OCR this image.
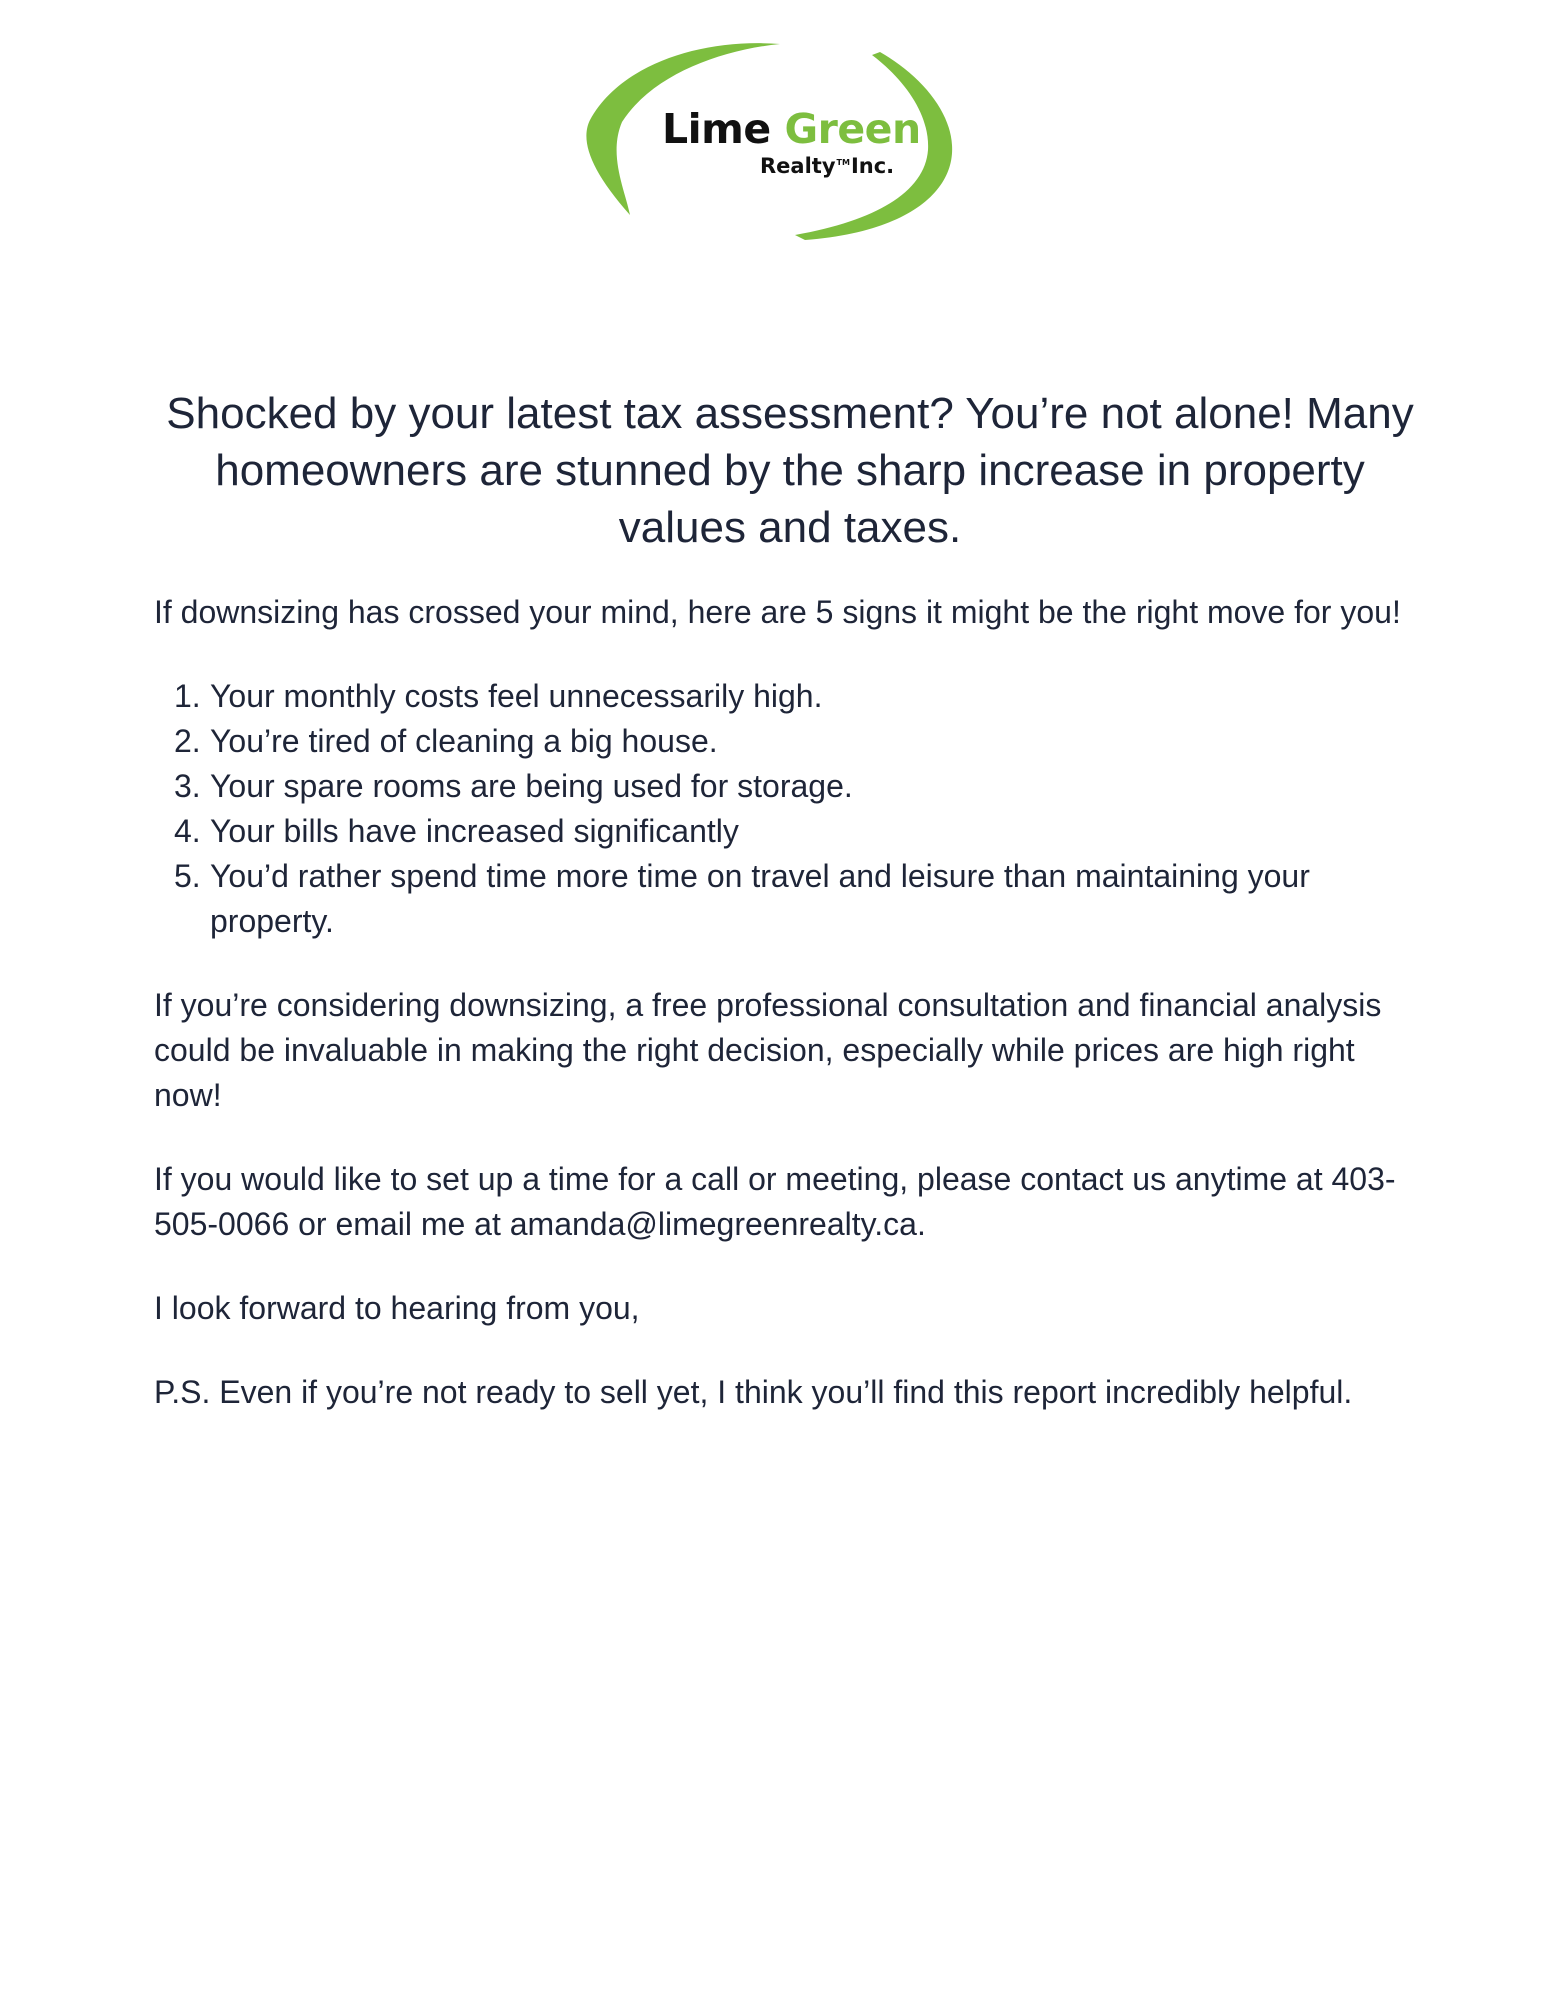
Lime Green
Realty™Inc.
Shocked by your latest tax assessment? You’re not alone! Many homeowners are stunned by the sharp increase in property values and taxes.

If downsizing has crossed your mind, here are 5 signs it might be the right move for you!

1. Your monthly costs feel unnecessarily high.
2. You’re tired of cleaning a big house.
3. Your spare rooms are being used for storage.
4. Your bills have increased significantly
5. You’d rather spend time more time on travel and leisure than maintaining your property.

If you’re considering downsizing, a free professional consultation and financial analysis could be invaluable in making the right decision, especially while prices are high right now!

If you would like to set up a time for a call or meeting, please contact us anytime at 403-505-0066 or email me at amanda@limegreenrealty.ca.

I look forward to hearing from you,

P.S. Even if you’re not ready to sell yet, I think you’ll find this report incredibly helpful.
